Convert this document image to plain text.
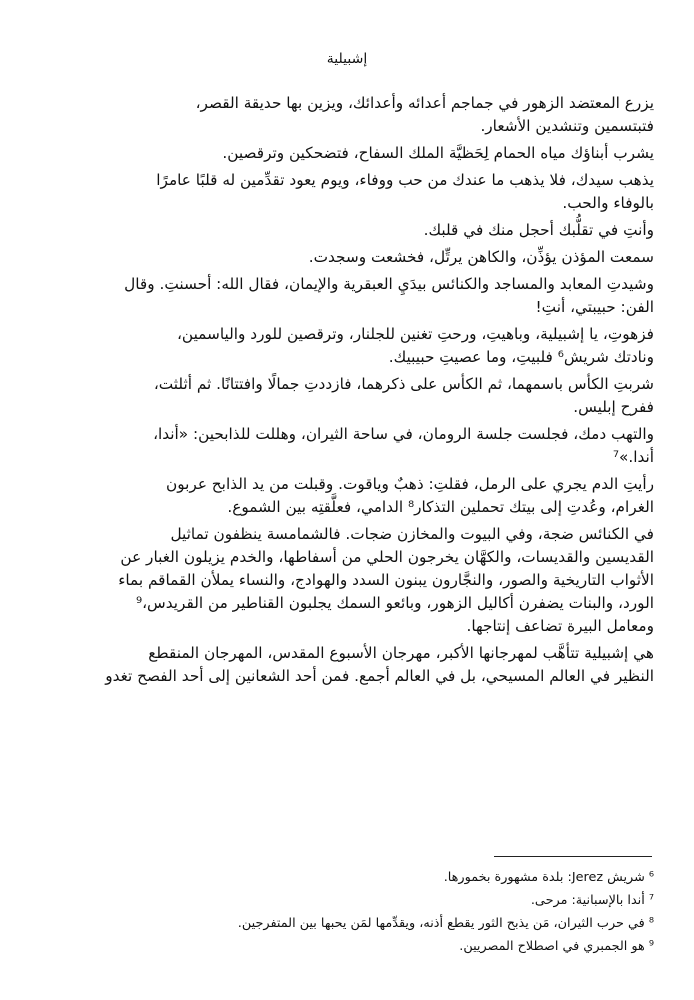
إشبيلية
يزرع المعتضد الزهور في جماجم أعدائه وأعدائك، ويزين بها حديقة القصر،
فتبتسمين وتنشدين الأشعار.
يشرب أبناؤك مياه الحمام لِحَظيَّة الملك السفاح، فتضحكين وترقصين.
يذهب سيدك، فلا يذهب ما عندك من حب ووفاء، ويوم يعود تقدِّمين له قلبًا عامرًا
بالوفاء والحب.
وأنتِ في تقلُّبك أحجل منك في قلبك.
سمعت المؤذن يؤذِّن، والكاهن يرتِّل، فخشعت وسجدت.
وشيدتِ المعابد والمساجد والكنائس بيدَيِ العبقرية والإيمان، فقال الله: أحسنتِ. وقال
الفن: حبيبتي، أنتِ!
فزهوتِ، يا إشبيلية، وباهيتِ، ورحتِ تغنين للجلنار، وترقصين للورد والياسمين،
ونادتك شريش⁶ فلبيتِ، وما عصيتِ حبيبيك.
شربتِ الكأس باسمهما، ثم الكأس على ذكرهما، فازددتِ جمالًا وافتتانًا. ثم أثلثت،
ففرح إبليس.
والتهب دمك، فجلست جلسة الرومان، في ساحة الثيران، وهللت للذابحين: «أندا،
أندا.»⁷
رأيتِ الدم يجري على الرمل، فقلتِ: ذهبٌ وياقوت. وقبلت من يد الذابح عربون
الغرام، وعُدتِ إلى بيتك تحملين التذكار⁸ الدامي، فعلَّقتِه بين الشموع.
في الكنائس ضجة، وفي البيوت والمخازن ضجات. فالشمامسة ينظفون تماثيل
القديسين والقديسات، والكهَّان يخرجون الحلي من أسفاطها، والخدم يزيلون الغبار عن
الأثواب التاريخية والصور، والنجَّارون يبنون السدد والهوادج، والنساء يملأن القماقم بماء
الورد، والبنات يضفرن أكاليل الزهور، وبائعو السمك يجلبون القناطير من القريدس،⁹
ومعامل البيرة تضاعف إنتاجها.
هي إشبيلية تتأهَّب لمهرجانها الأكبر، مهرجان الأسبوع المقدس، المهرجان المنقطع
النظير في العالم المسيحي، بل في العالم أجمع. فمن أحد الشعانين إلى أحد الفصح تغدو
⁶ شريش Jerez: بلدة مشهورة بخمورها.
⁷ أندا بالإسبانية: مرحى.
⁸ في حرب الثيران، مَن يذبح الثور يقطع أذنه، ويقدِّمها لمَن يحبها بين المتفرجين.
⁹ هو الجمبري في اصطلاح المصريين.
